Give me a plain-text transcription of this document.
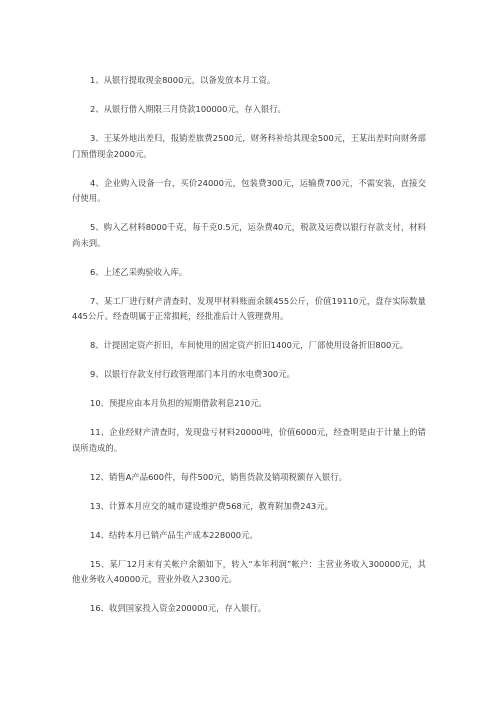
1、从银行提取现金8000元，以备发放本月工资。

2、从银行借入期限三月贷款100000元，存入银行。

3、王某外地出差归，报销差旅费2500元，财务科补给其现金500元，王某出差时向财务部门预借现金2000元。

4、企业购入设备一台，买价24000元，包装费300元，运输费700元，不需安装，直接交付使用。

5、购入乙材料8000千克，每千克0.5元，运杂费40元，税款及运费以银行存款支付，材料尚未到。

6、上述乙采购验收入库。

7、某工厂进行财产清查时，发现甲材料账面余额455公斤，价值19110元，盘存实际数量445公斤。经查明属于正常损耗，经批准后计入管理费用。

8、计提固定资产折旧，车间使用的固定资产折旧1400元，厂部使用设备折旧800元。

9、以银行存款支付行政管理部门本月的水电费300元。

10、预提应由本月负担的短期借款利息210元。

11、企业经财产清查时，发现盘亏材料20000吨，价值6000元，经查明是由于计量上的错误所造成的。

12、销售A产品600件，每件500元，销售货款及销项税额存入银行。

13、计算本月应交的城市建设维护费568元，教育附加费243元。

14、结转本月已销产品生产成本228000元。

15、某厂12月末有关帐户余额如下，转入“本年利润”帐户：主营业务收入300000元，其他业务收入40000元，营业外收入2300元。

16、收到国家投入资金200000元，存入银行。
